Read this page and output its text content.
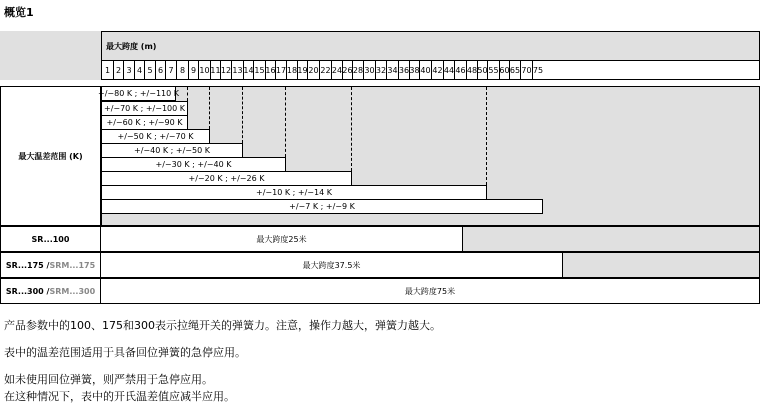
概览1
最大跨度 (m)
1 2 3 4 5 6 7 8 9 10 11 12 13 14 15 16 17 18 19 20 22 24 26 28 30 32 34 36 38 40 42 44 46 48 50 55 60 65 70 75
+/−80 K ; +/−110 K
+/−70 K ; +/−100 K
+/−60 K ; +/−90 K
+/−50 K ; +/−70 K
+/−40 K ; +/−50 K
+/−30 K ; +/−40 K
+/−20 K ; +/−26 K
+/−10 K ; +/−14 K
+/−7 K ; +/−9 K
最大温差范围 (K)
SR...100	最大跨度25米
SR...175 / SRM...175	最大跨度37.5米
SR...300 / SRM...300	最大跨度75米
产品参数中的100、175和300表示拉绳开关的弹簧力。注意，操作力越大，弹簧力越大。
表中的温差范围适用于具备回位弹簧的急停应用。
如未使用回位弹簧，则严禁用于急停应用。
在这种情况下，表中的开氏温差值应减半应用。
